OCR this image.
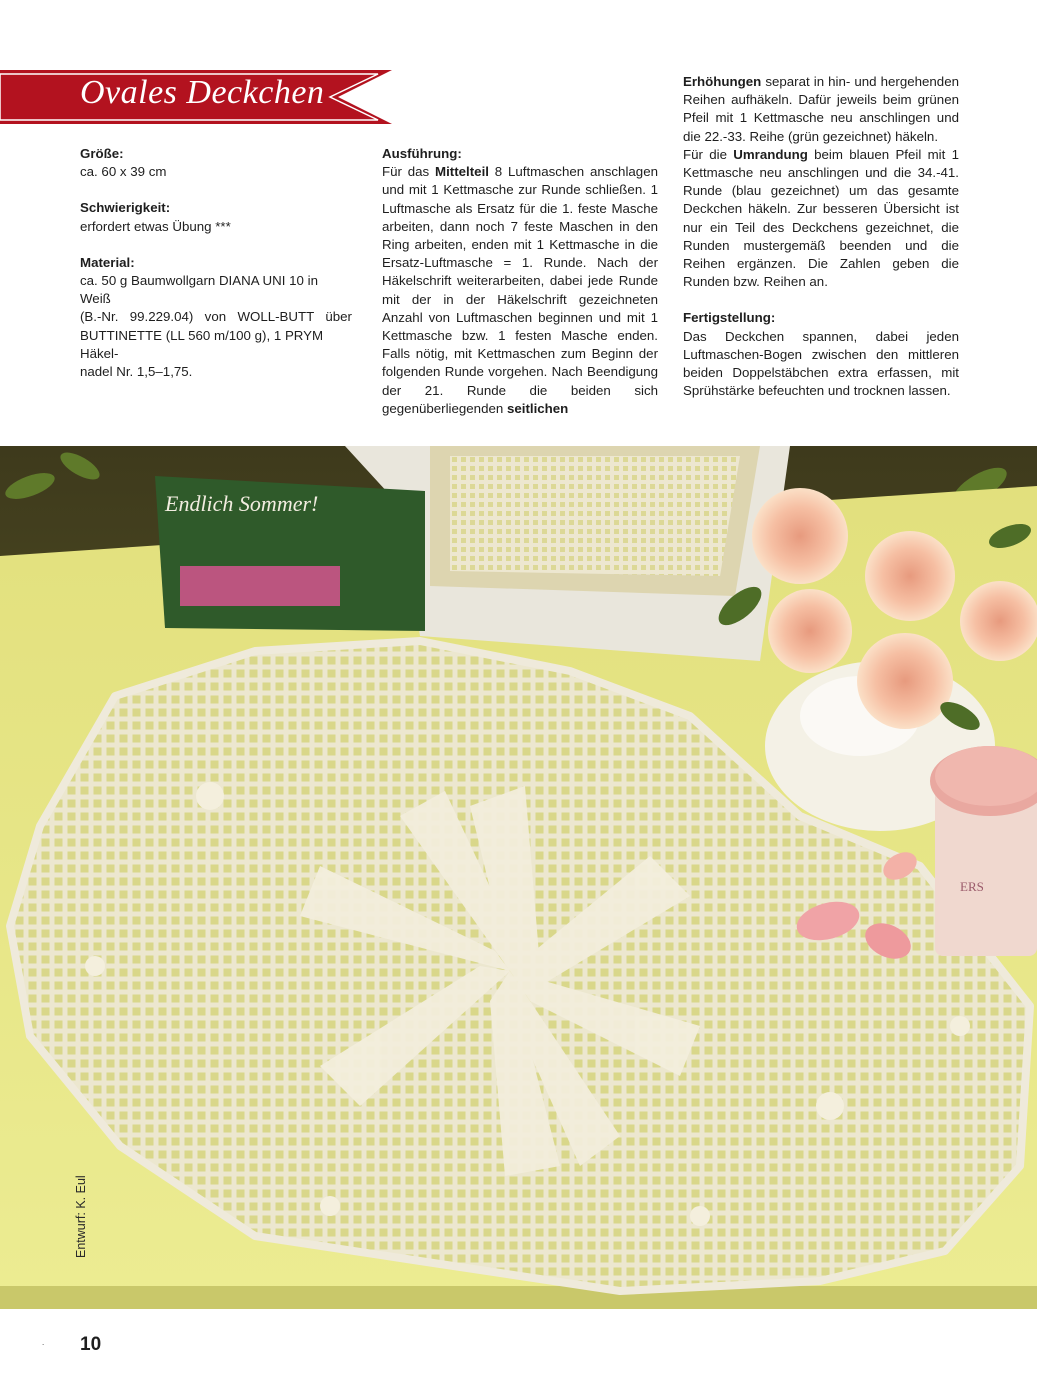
Ovales Deckchen
Größe:
ca. 60 x 39 cm
Schwierigkeit:
erfordert etwas Übung ***
Material:
ca. 50 g Baumwollgarn DIANA UNI 10 in Weiß
(B.-Nr. 99.229.04) von WOLL-BUTT über
BUTTINETTE (LL 560 m/100 g), 1 PRYM Häkel-
nadel Nr. 1,5–1,75.
Ausführung:
Für das Mittelteil 8 Luftmaschen anschlagen und mit 1 Kettmasche zur Runde schließen. 1 Luftmasche als Ersatz für die 1. feste Masche arbeiten, dann noch 7 feste Maschen in den Ring arbeiten, enden mit 1 Kettmasche in die Ersatz-Luftmasche = 1. Runde. Nach der Häkelschrift weiterarbeiten, dabei jede Runde mit der in der Häkelschrift gezeichneten Anzahl von Luftmaschen beginnen und mit 1 Kettmasche bzw. 1 festen Masche enden. Falls nötig, mit Kettmaschen zum Beginn der folgenden Runde vorgehen. Nach Beendigung der 21. Runde die beiden sich gegenüberliegenden seitlichen
Erhöhungen separat in hin- und hergehenden Reihen aufhäkeln. Dafür jeweils beim grünen Pfeil mit 1 Kettmasche neu anschlingen und die 22.-33. Reihe (grün gezeichnet) häkeln.
Für die Umrandung beim blauen Pfeil mit 1 Kettmasche neu anschlingen und die 34.-41. Runde (blau gezeichnet) um das gesamte Deckchen häkeln. Zur besseren Übersicht ist nur ein Teil des Deckchens gezeichnet, die Runden mustergemäß beenden und die Reihen ergänzen. Die Zahlen geben die Runden bzw. Reihen an.
Fertigstellung:
Das Deckchen spannen, dabei jeden Luftmaschen-Bogen zwischen den mittleren beiden Doppelstäbchen extra erfassen, mit Sprühstärke befeuchten und trocknen lassen.
Endlich Sommer!
ERS
Entwurf: K. Eul
. 10
